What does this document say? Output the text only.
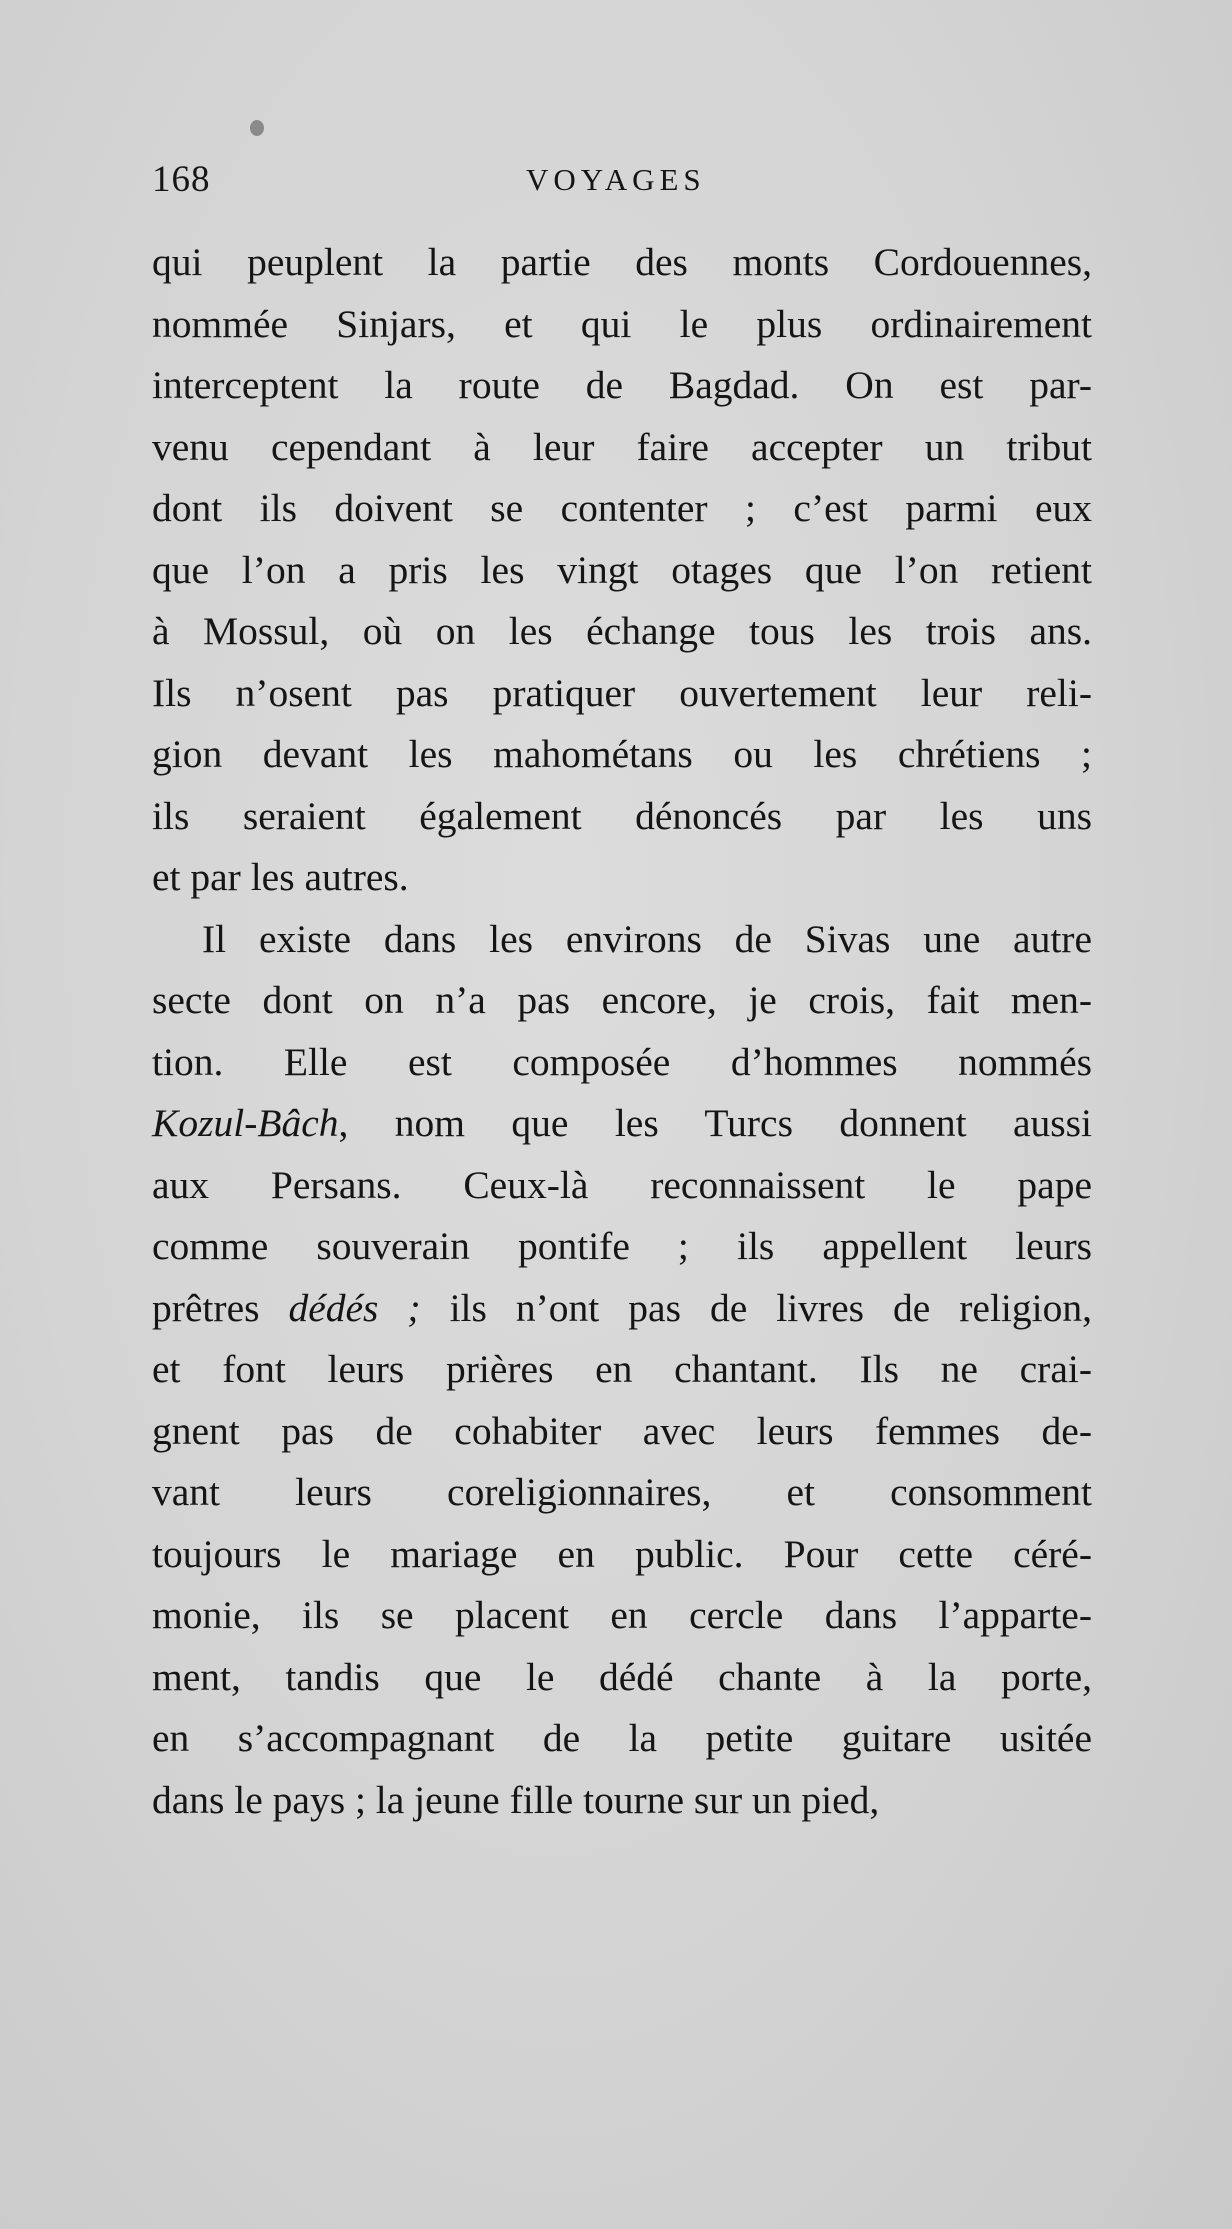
168	VOYAGES
qui peuplent la partie des monts Cordouennes,
nommée Sinjars, et qui le plus ordinairement
interceptent la route de Bagdad. On est par-
venu cependant à leur faire accepter un tribut
dont ils doivent se contenter ; c’est parmi eux
que l’on a pris les vingt otages que l’on retient
à Mossul, où on les échange tous les trois ans.
Ils n’osent pas pratiquer ouvertement leur reli-
gion devant les mahométans ou les chrétiens ;
ils seraient également dénoncés par les uns
et par les autres.
Il existe dans les environs de Sivas une autre
secte dont on n’a pas encore, je crois, fait men-
tion. Elle est composée d’hommes nommés
Kozul-Bâch, nom que les Turcs donnent aussi
aux Persans. Ceux-là reconnaissent le pape
comme souverain pontife ; ils appellent leurs
prêtres dédés ; ils n’ont pas de livres de religion,
et font leurs prières en chantant. Ils ne crai-
gnent pas de cohabiter avec leurs femmes de-
vant leurs coreligionnaires, et consomment
toujours le mariage en public. Pour cette céré-
monie, ils se placent en cercle dans l’apparte-
ment, tandis que le dédé chante à la porte,
en s’accompagnant de la petite guitare usitée
dans le pays ; la jeune fille tourne sur un pied,
